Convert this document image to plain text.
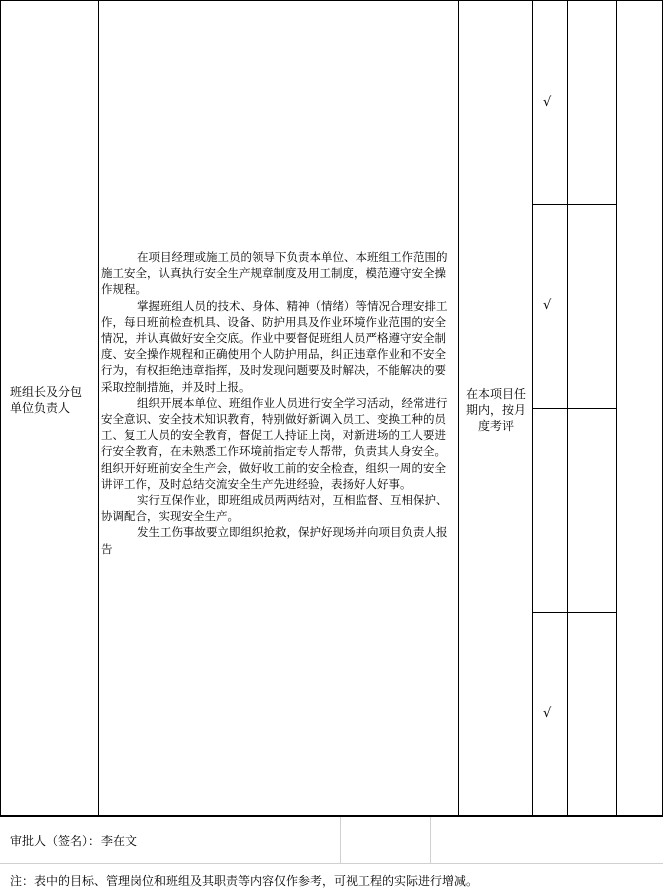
班组长及分包单位负责人

在项目经理或施工员的领导下负责本单位、本班组工作范围的施工安全，认真执行安全生产规章制度及用工制度，模范遵守安全操作规程。

掌握班组人员的技术、身体、精神（情绪）等情况合理安排工作，每日班前检查机具、设备、防护用具及作业环境作业范围的安全情况，并认真做好安全交底。作业中要督促班组人员严格遵守安全制度、安全操作规程和正确使用个人防护用品，纠正违章作业和不安全行为，有权拒绝违章指挥，及时发现问题要及时解决，不能解决的要采取控制措施，并及时上报。

组织开展本单位、班组作业人员进行安全学习活动，经常进行安全意识、安全技术知识教育，特别做好新调入员工、变换工种的员工、复工人员的安全教育，督促工人持证上岗，对新进场的工人要进行安全教育，在未熟悉工作环境前指定专人帮带，负责其人身安全。组织开好班前安全生产会，做好收工前的安全检查，组织一周的安全讲评工作，及时总结交流安全生产先进经验，表扬好人好事。

实行互保作业，即班组成员两两结对，互相监督、互相保护、协调配合，实现安全生产。

发生工伤事故要立即组织抢救，保护好现场并向项目负责人报告

在本项目任期内，按月度考评
√
√
√
审批人（签名）： 李在文
注：表中的目标、管理岗位和班组及其职责等内容仅作参考，可视工程的实际进行增减。
